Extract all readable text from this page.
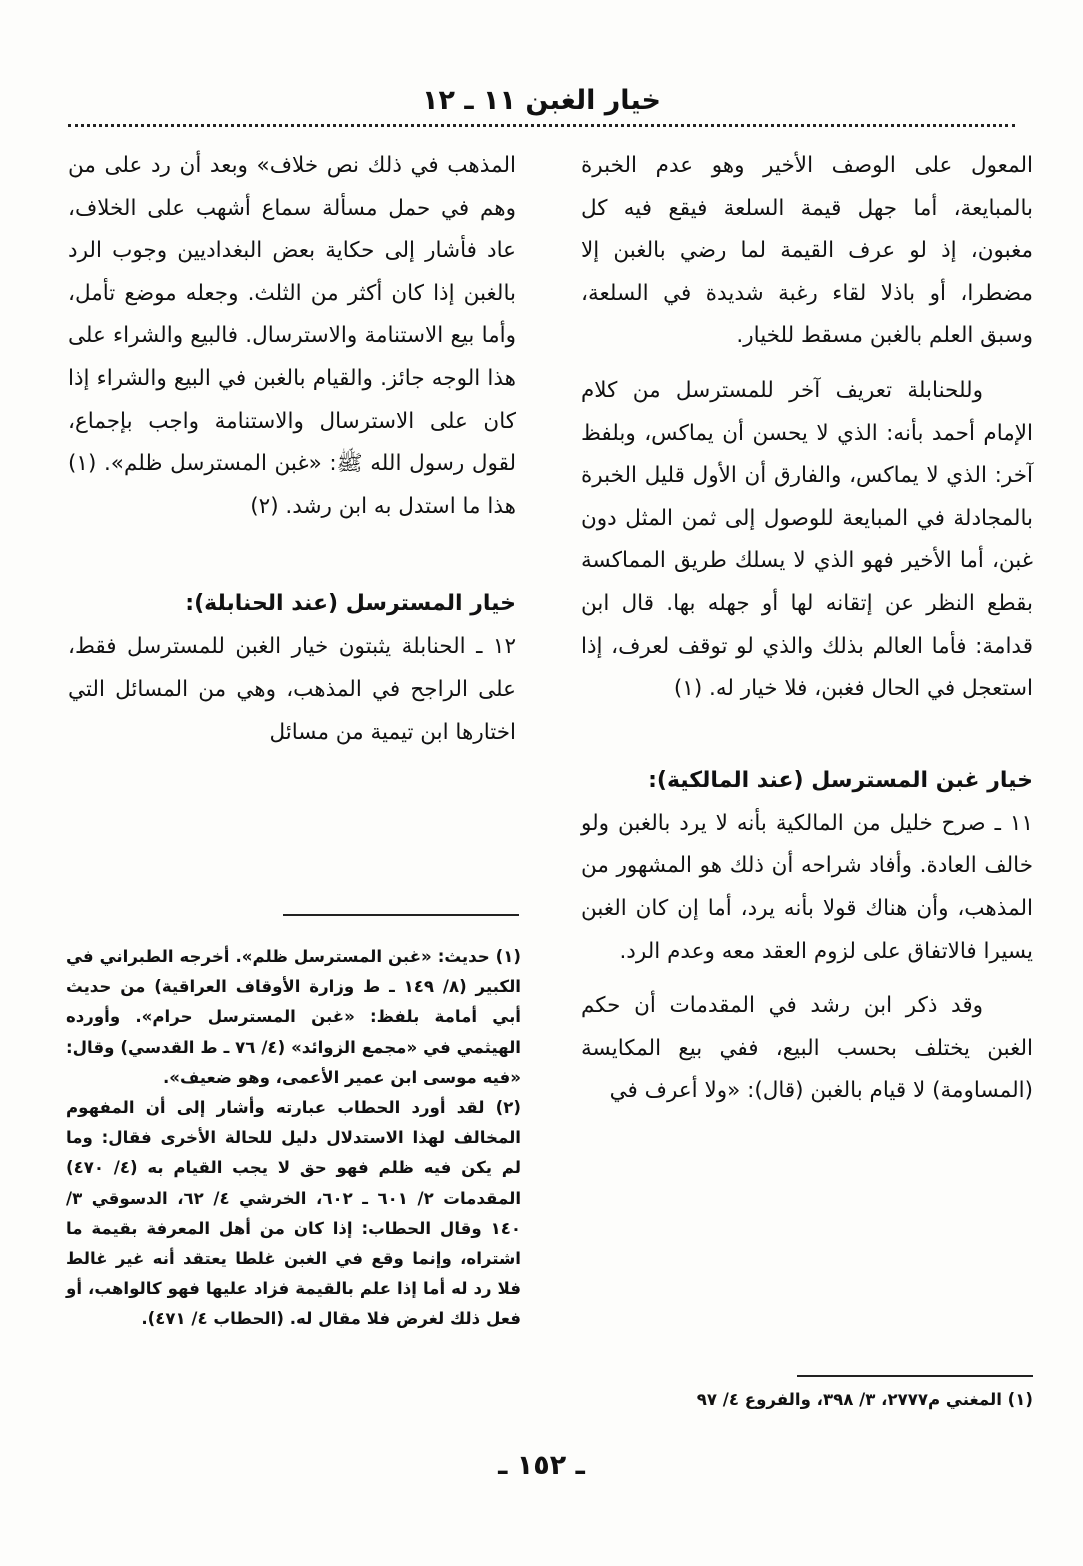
خيار الغبن ١١ ـ ١٢

المعول على الوصف الأخير وهو عدم الخبرة بالمبايعة، أما جهل قيمة السلعة فيقع فيه كل مغبون، إذ لو عرف القيمة لما رضي بالغبن إلا مضطرا، أو باذلا لقاء رغبة شديدة في السلعة، وسبق العلم بالغبن مسقط للخيار.

وللحنابلة تعريف آخر للمسترسل من كلام الإمام أحمد بأنه: الذي لا يحسن أن يماكس، وبلفظ آخر: الذي لا يماكس، والفارق أن الأول قليل الخبرة بالمجادلة في المبايعة للوصول إلى ثمن المثل دون غبن، أما الأخير فهو الذي لا يسلك طريق المماكسة بقطع النظر عن إتقانه لها أو جهله بها. قال ابن قدامة: فأما العالم بذلك والذي لو توقف لعرف، إذا استعجل في الحال فغبن، فلا خيار له. (١)

خيار غبن المسترسل (عند المالكية):

١١ ـ صرح خليل من المالكية بأنه لا يرد بالغبن ولو خالف العادة. وأفاد شراحه أن ذلك هو المشهور من المذهب، وأن هناك قولا بأنه يرد، أما إن كان الغبن يسيرا فالاتفاق على لزوم العقد معه وعدم الرد.

وقد ذكر ابن رشد في المقدمات أن حكم الغبن يختلف بحسب البيع، ففي بيع المكايسة (المساومة) لا قيام بالغبن (قال): «ولا أعرف في

(١) المغني م٢٧٧٧، ٣/ ٣٩٨، والفروع ٤/ ٩٧

المذهب في ذلك نص خلاف» وبعد أن رد على من وهم في حمل مسألة سماع أشهب على الخلاف، عاد فأشار إلى حكاية بعض البغداديين وجوب الرد بالغبن إذا كان أكثر من الثلث. وجعله موضع تأمل، وأما بيع الاستنامة والاسترسال. فالبيع والشراء على هذا الوجه جائز. والقيام بالغبن في البيع والشراء إذا كان على الاسترسال والاستنامة واجب بإجماع، لقول رسول الله ﷺ: «غبن المسترسل ظلم». (١) هذا ما استدل به ابن رشد. (٢)

خيار المسترسل (عند الحنابلة):

١٢ ـ الحنابلة يثبتون خيار الغبن للمسترسل فقط، على الراجح في المذهب، وهي من المسائل التي اختارها ابن تيمية من مسائل

(١) حديث: «غبن المسترسل ظلم». أخرجه الطبراني في الكبير (٨/ ١٤٩ ـ ط وزارة الأوقاف العراقية) من حديث أبي أمامة بلفظ: «غبن المسترسل حرام». وأورده الهيثمي في «مجمع الزوائد» (٤/ ٧٦ ـ ط القدسي) وقال: «فيه موسى ابن عمير الأعمى، وهو ضعيف».

(٢) لقد أورد الحطاب عبارته وأشار إلى أن المفهوم المخالف لهذا الاستدلال دليل للحالة الأخرى فقال: وما لم يكن فيه ظلم فهو حق لا يجب القيام به (٤/ ٤٧٠) المقدمات ٢/ ٦٠١ ـ ٦٠٢، الخرشي ٤/ ٦٢، الدسوقي ٣/ ١٤٠ وقال الحطاب: إذا كان من أهل المعرفة بقيمة ما اشتراه، وإنما وقع في الغبن غلطا يعتقد أنه غير غالط فلا رد له أما إذا علم بالقيمة فزاد عليها فهو كالواهب، أو فعل ذلك لغرض فلا مقال له. (الحطاب ٤/ ٤٧١).

ـ ١٥٢ ـ
